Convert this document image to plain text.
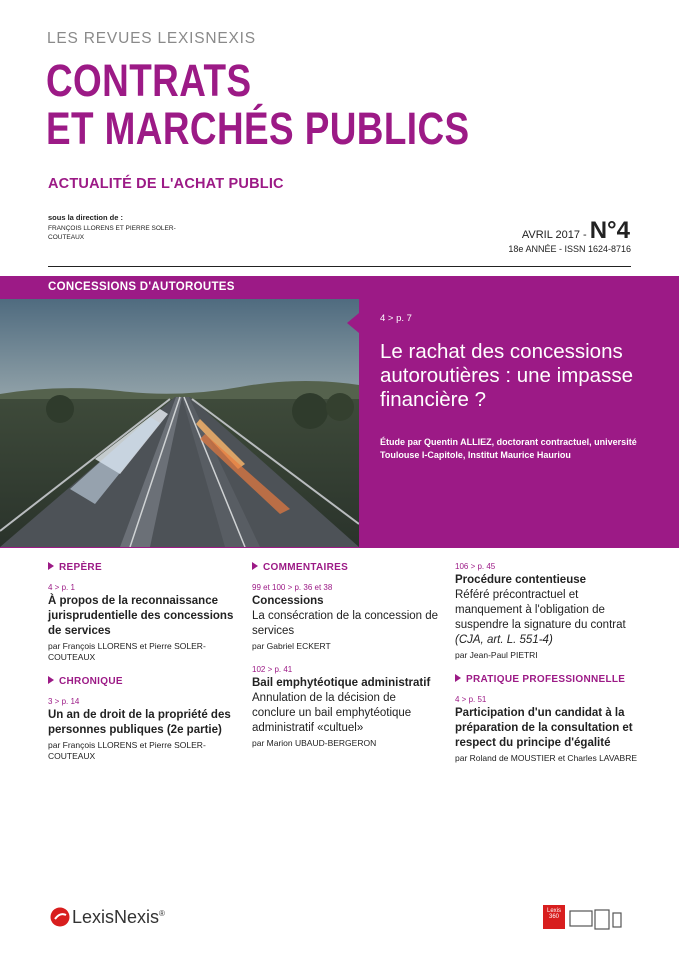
LES REVUES LEXISNEXIS
CONTRATS
ET MARCHÉS PUBLICS
ACTUALITÉ DE L'ACHAT PUBLIC
sous la direction de :
FRANÇOIS LLORENS ET PIERRE SOLER-COUTEAUX	AVRIL 2017 - N°4
18e ANNÉE - ISSN 1624-8716
CONCESSIONS D'AUTOROUTES
4 > p. 7
Le rachat des concessions autoroutières : une impasse financière ?
Étude par Quentin ALLIEZ, doctorant contractuel, université Toulouse I-Capitole, Institut Maurice Hauriou
REPÈRE
4 > p. 1
À propos de la reconnaissance jurisprudentielle des concessions de services
par François LLORENS et Pierre SOLER-COUTEAUX
CHRONIQUE
3 > p. 14
Un an de droit de la propriété des personnes publiques (2e partie)
par François LLORENS et Pierre SOLER-COUTEAUX
COMMENTAIRES
99 et 100 > p. 36 et 38
Concessions
La consécration de la concession de services
par Gabriel ECKERT
102 > p. 41
Bail emphytéotique administratif
Annulation de la décision de conclure un bail emphytéotique administratif «cultuel»
par Marion UBAUD-BERGERON
106 > p. 45
Procédure contentieuse
Référé précontractuel et manquement à l'obligation de suspendre la signature du contrat (CJA, art. L. 551-4)
par Jean-Paul PIETRI
PRATIQUE PROFESSIONNELLE
4 > p. 51
Participation d'un candidat à la préparation de la consultation et respect du principe d'égalité
par Roland de MOUSTIER et Charles LAVABRE
LexisNexis®	Lexis 360
